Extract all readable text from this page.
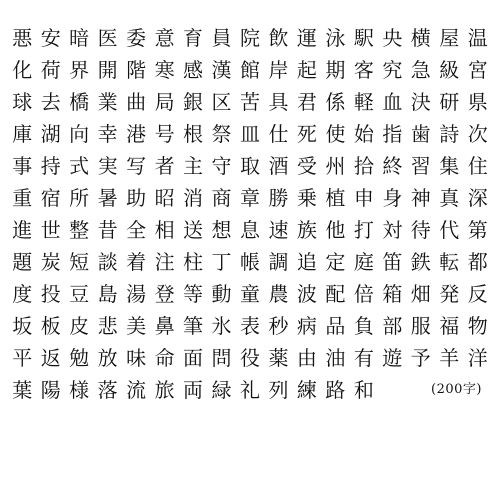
悪 安 暗 医 委 意 育 員 院 飲 運 泳 駅 央 横 屋 温
化 荷 界 開 階 寒 感 漢 館 岸 起 期 客 究 急 級 宮
球 去 橋 業 曲 局 銀 区 苦 具 君 係 軽 血 決 研 県
庫 湖 向 幸 港 号 根 祭 皿 仕 死 使 始 指 歯 詩 次
事 持 式 実 写 者 主 守 取 酒 受 州 拾 終 習 集 住
重 宿 所 暑 助 昭 消 商 章 勝 乗 植 申 身 神 真 深
進 世 整 昔 全 相 送 想 息 速 族 他 打 対 待 代 第
題 炭 短 談 着 注 柱 丁 帳 調 追 定 庭 笛 鉄 転 都
度 投 豆 島 湯 登 等 動 童 農 波 配 倍 箱 畑 発 反
坂 板 皮 悲 美 鼻 筆 氷 表 秒 病 品 負 部 服 福 物
平 返 勉 放 味 命 面 問 役 薬 由 油 有 遊 予 羊 洋
葉 陽 様 落 流 旅 両 緑 礼 列 練 路 和	(200字)
